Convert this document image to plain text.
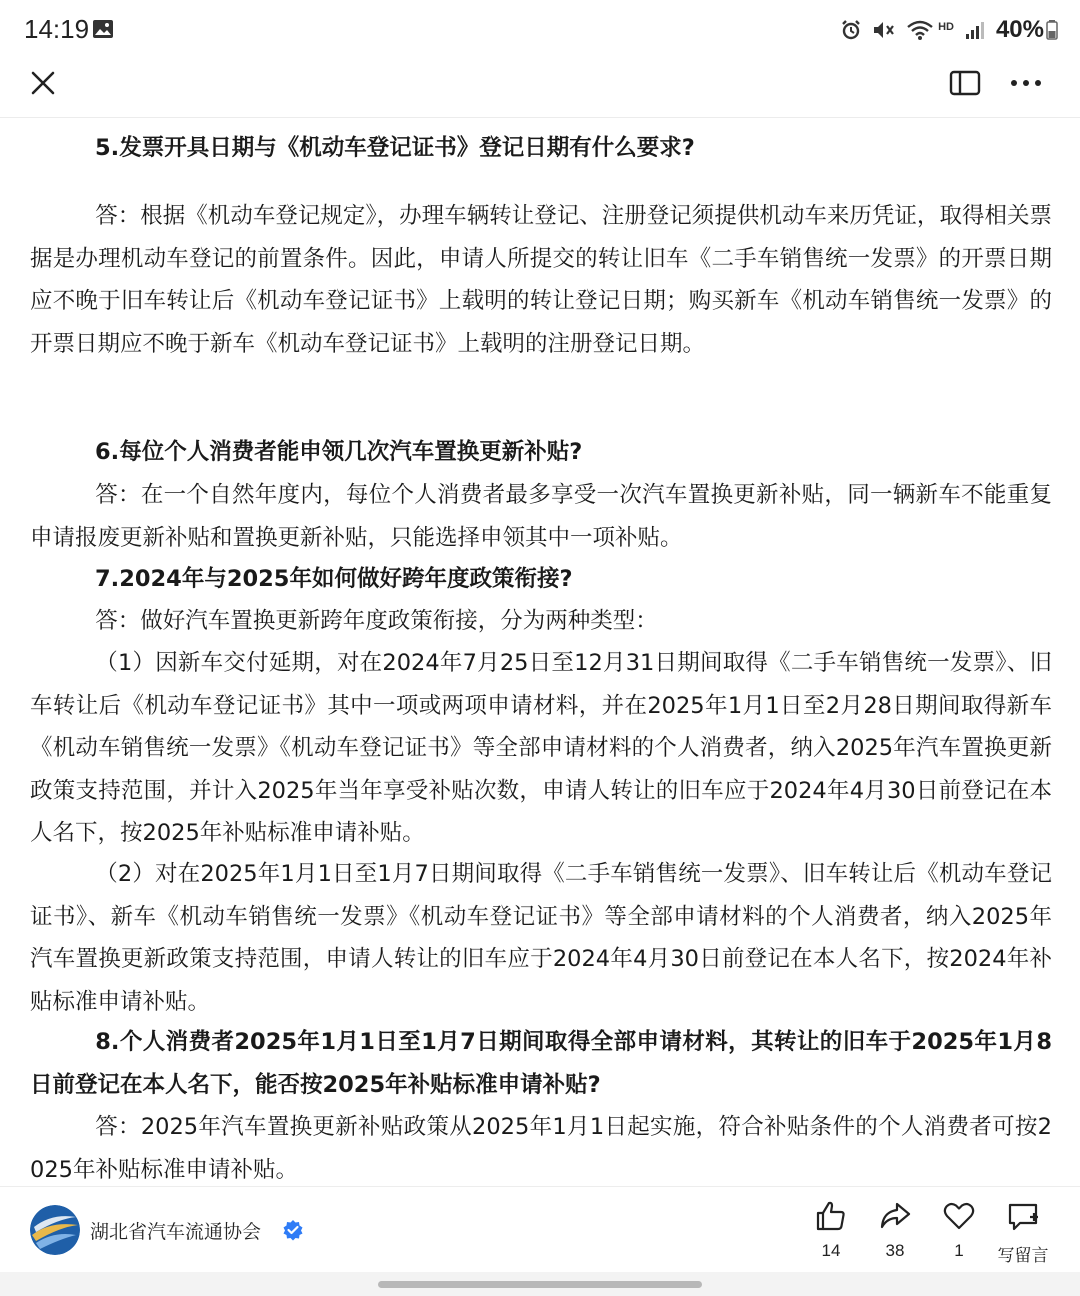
14:19	HD 40%
5.发票开具日期与《机动车登记证书》登记日期有什么要求?
答：根据《机动车登记规定》，办理车辆转让登记、注册登记须提供机动车来历凭证，取得相关票据是办理机动车登记的前置条件。因此，申请人所提交的转让旧车《二手车销售统一发票》的开票日期应不晚于旧车转让后《机动车登记证书》上载明的转让登记日期；购买新车《机动车销售统一发票》的开票日期应不晚于新车《机动车登记证书》上载明的注册登记日期。
6.每位个人消费者能申领几次汽车置换更新补贴?
答：在一个自然年度内，每位个人消费者最多享受一次汽车置换更新补贴，同一辆新车不能重复申请报废更新补贴和置换更新补贴，只能选择申领其中一项补贴。
7.2024年与2025年如何做好跨年度政策衔接?
答：做好汽车置换更新跨年度政策衔接，分为两种类型：
（1）因新车交付延期，对在2024年7月25日至12月31日期间取得《二手车销售统一发票》、旧车转让后《机动车登记证书》其中一项或两项申请材料，并在2025年1月1日至2月28日期间取得新车《机动车销售统一发票》《机动车登记证书》等全部申请材料的个人消费者，纳入2025年汽车置换更新政策支持范围，并计入2025年当年享受补贴次数，申请人转让的旧车应于2024年4月30日前登记在本人名下，按2025年补贴标准申请补贴。
（2）对在2025年1月1日至1月7日期间取得《二手车销售统一发票》、旧车转让后《机动车登记证书》、新车《机动车销售统一发票》《机动车登记证书》等全部申请材料的个人消费者，纳入2025年汽车置换更新政策支持范围，申请人转让的旧车应于2024年4月30日前登记在本人名下，按2024年补贴标准申请补贴。
8.个人消费者2025年1月1日至1月7日期间取得全部申请材料，其转让的旧车于2025年1月8日前登记在本人名下，能否按2025年补贴标准申请补贴?
答：2025年汽车置换更新补贴政策从2025年1月1日起实施，符合补贴条件的个人消费者可按2025年补贴标准申请补贴。
湖北省汽车流通协会
14	38	1	写留言
